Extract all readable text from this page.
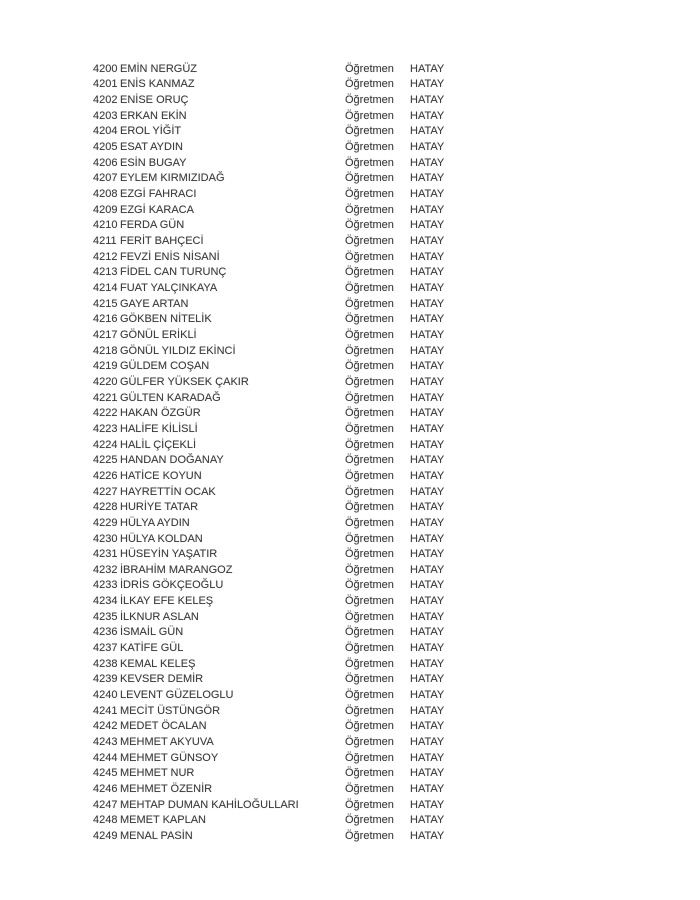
4200 EMİN NERGÜZ	Öğretmen	HATAY
4201 ENİS KANMAZ	Öğretmen	HATAY
4202 ENİSE ORUÇ	Öğretmen	HATAY
4203 ERKAN EKİN	Öğretmen	HATAY
4204 EROL YİĞİT	Öğretmen	HATAY
4205 ESAT AYDIN	Öğretmen	HATAY
4206 ESİN BUGAY	Öğretmen	HATAY
4207 EYLEM KIRMIZIDAĞ	Öğretmen	HATAY
4208 EZGİ FAHRACI	Öğretmen	HATAY
4209 EZGİ KARACA	Öğretmen	HATAY
4210 FERDA GÜN	Öğretmen	HATAY
4211 FERİT BAHÇECİ	Öğretmen	HATAY
4212 FEVZİ ENİS NİSANİ	Öğretmen	HATAY
4213 FİDEL CAN TURUNÇ	Öğretmen	HATAY
4214 FUAT YALÇINKAYA	Öğretmen	HATAY
4215 GAYE ARTAN	Öğretmen	HATAY
4216 GÖKBEN NİTELİK	Öğretmen	HATAY
4217 GÖNÜL ERİKLİ	Öğretmen	HATAY
4218 GÖNÜL YILDIZ EKİNCİ	Öğretmen	HATAY
4219 GÜLDEM COŞAN	Öğretmen	HATAY
4220 GÜLFER YÜKSEK ÇAKIR	Öğretmen	HATAY
4221 GÜLTEN KARADAĞ	Öğretmen	HATAY
4222 HAKAN ÖZGÜR	Öğretmen	HATAY
4223 HALİFE KİLİSLİ	Öğretmen	HATAY
4224 HALİL ÇİÇEKLİ	Öğretmen	HATAY
4225 HANDAN DOĞANAY	Öğretmen	HATAY
4226 HATİCE KOYUN	Öğretmen	HATAY
4227 HAYRETTİN OCAK	Öğretmen	HATAY
4228 HURİYE TATAR	Öğretmen	HATAY
4229 HÜLYA AYDIN	Öğretmen	HATAY
4230 HÜLYA KOLDAN	Öğretmen	HATAY
4231 HÜSEYİN YAŞATIR	Öğretmen	HATAY
4232 İBRAHİM MARANGOZ	Öğretmen	HATAY
4233 İDRİS GÖKÇEOĞLU	Öğretmen	HATAY
4234 İLKAY EFE KELEŞ	Öğretmen	HATAY
4235 İLKNUR ASLAN	Öğretmen	HATAY
4236 İSMAİL GÜN	Öğretmen	HATAY
4237 KATİFE GÜL	Öğretmen	HATAY
4238 KEMAL KELEŞ	Öğretmen	HATAY
4239 KEVSER DEMİR	Öğretmen	HATAY
4240 LEVENT GÜZELOGLU	Öğretmen	HATAY
4241 MECİT ÜSTÜNGÖR	Öğretmen	HATAY
4242 MEDET ÖCALAN	Öğretmen	HATAY
4243 MEHMET AKYUVA	Öğretmen	HATAY
4244 MEHMET GÜNSOY	Öğretmen	HATAY
4245 MEHMET NUR	Öğretmen	HATAY
4246 MEHMET ÖZENİR	Öğretmen	HATAY
4247 MEHTAP DUMAN KAHİLOĞULLARI	Öğretmen	HATAY
4248 MEMET KAPLAN	Öğretmen	HATAY
4249 MENAL PASİN	Öğretmen	HATAY
